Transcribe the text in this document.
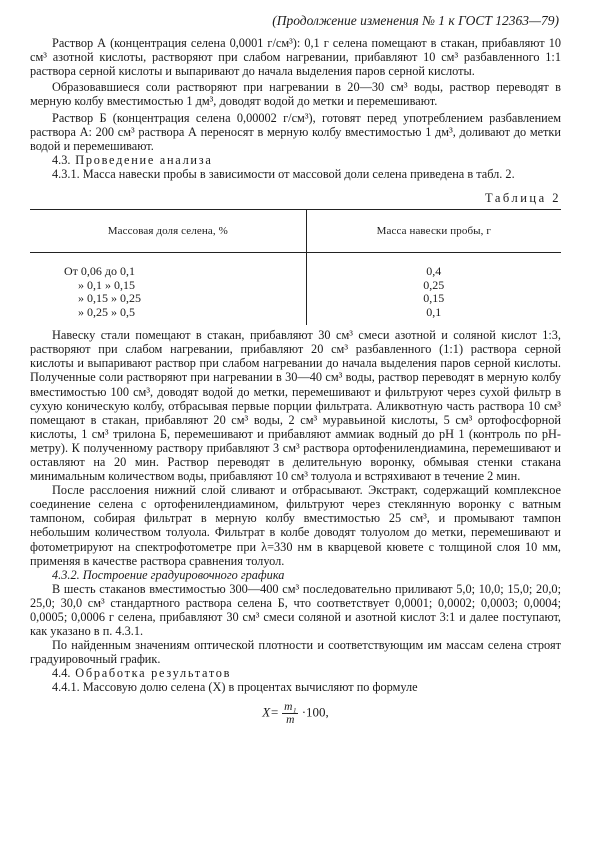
(Продолжение изменения № 1 к ГОСТ 12363—79)

Раствор А (концентрация селена 0,0001 г/см³): 0,1 г селена помещают в стакан, прибавляют 10 см³ азотной кислоты, растворяют при слабом нагревании, прибавляют 10 см³ разбавленного 1:1 раствора серной кислоты и выпаривают до начала выделения паров серной кислоты.

Образовавшиеся соли растворяют при нагревании в 20—30 см³ воды, раствор переводят в мерную колбу вместимостью 1 дм³, доводят водой до метки и перемешивают.

Раствор Б (концентрация селена 0,00002 г/см³), готовят перед употреблением разбавлением раствора А: 200 см³ раствора А переносят в мерную колбу вместимостью 1 дм³, доливают до метки водой и перемешивают.

4.3. Проведение анализа

4.3.1. Масса навески пробы в зависимости от массовой доли селена приведена в табл. 2.

Таблица 2
Массовая доля селена, %	Масса навески пробы, г
От 0,06 до 0,1	0,4
» 0,1 » 0,15	0,25
» 0,15 » 0,25	0,15
» 0,25 » 0,5	0,1

Навеску стали помещают в стакан, прибавляют 30 см³ смеси азотной и соляной кислот 1:3, растворяют при слабом нагревании, прибавляют 20 см³ разбавленного (1:1) раствора серной кислоты и выпаривают раствор при слабом нагревании до начала выделения паров серной кислоты. Полученные соли растворяют при нагревании в 30—40 см³ воды, раствор переводят в мерную колбу вместимостью 100 см³, доводят водой до метки, перемешивают и фильтруют через сухой фильтр в сухую коническую колбу, отбрасывая первые порции фильтрата. Аликвотную часть раствора 10 см³ помещают в стакан, прибавляют 20 см³ воды, 2 см³ муравьиной кислоты, 5 см³ ортофосфорной кислоты, 1 см³ трилона Б, перемешивают и прибавляют аммиак водный до рН 1 (контроль по рН-метру). К полученному раствору прибавляют 3 см³ раствора ортофенилендиамина, перемешивают и оставляют на 20 мин. Раствор переводят в делительную воронку, обмывая стенки стакана минимальным количеством воды, прибавляют 10 см³ толуола и встряхивают в течение 2 мин.

После расслоения нижний слой сливают и отбрасывают. Экстракт, содержащий комплексное соединение селена с ортофенилендиамином, фильтруют через стеклянную воронку с ватным тампоном, собирая фильтрат в мерную колбу вместимостью 25 см³, и промывают тампон небольшим количеством толуола. Фильтрат в колбе доводят толуолом до метки, перемешивают и фотометрируют на спектрофотометре при λ=330 нм в кварцевой кювете с толщиной слоя 10 мм, применяя в качестве раствора сравнения толуол.

4.3.2. Построение градуировочного графика

В шесть стаканов вместимостью 300—400 см³ последовательно приливают 5,0; 10,0; 15,0; 20,0; 25,0; 30,0 см³ стандартного раствора селена Б, что соответствует 0,0001; 0,0002; 0,0003; 0,0004; 0,0005; 0,0006 г селена, прибавляют 30 см³ смеси соляной и азотной кислот 3:1 и далее поступают, как указано в п. 4.3.1.

По найденным значениям оптической плотности и соответствующим им массам селена строят градуировочный график.

4.4. Обработка результатов

4.4.1. Массовую долю селена (X) в процентах вычисляют по формуле

$X= \frac{\text{m₁}}{m} \cdot 100$,
